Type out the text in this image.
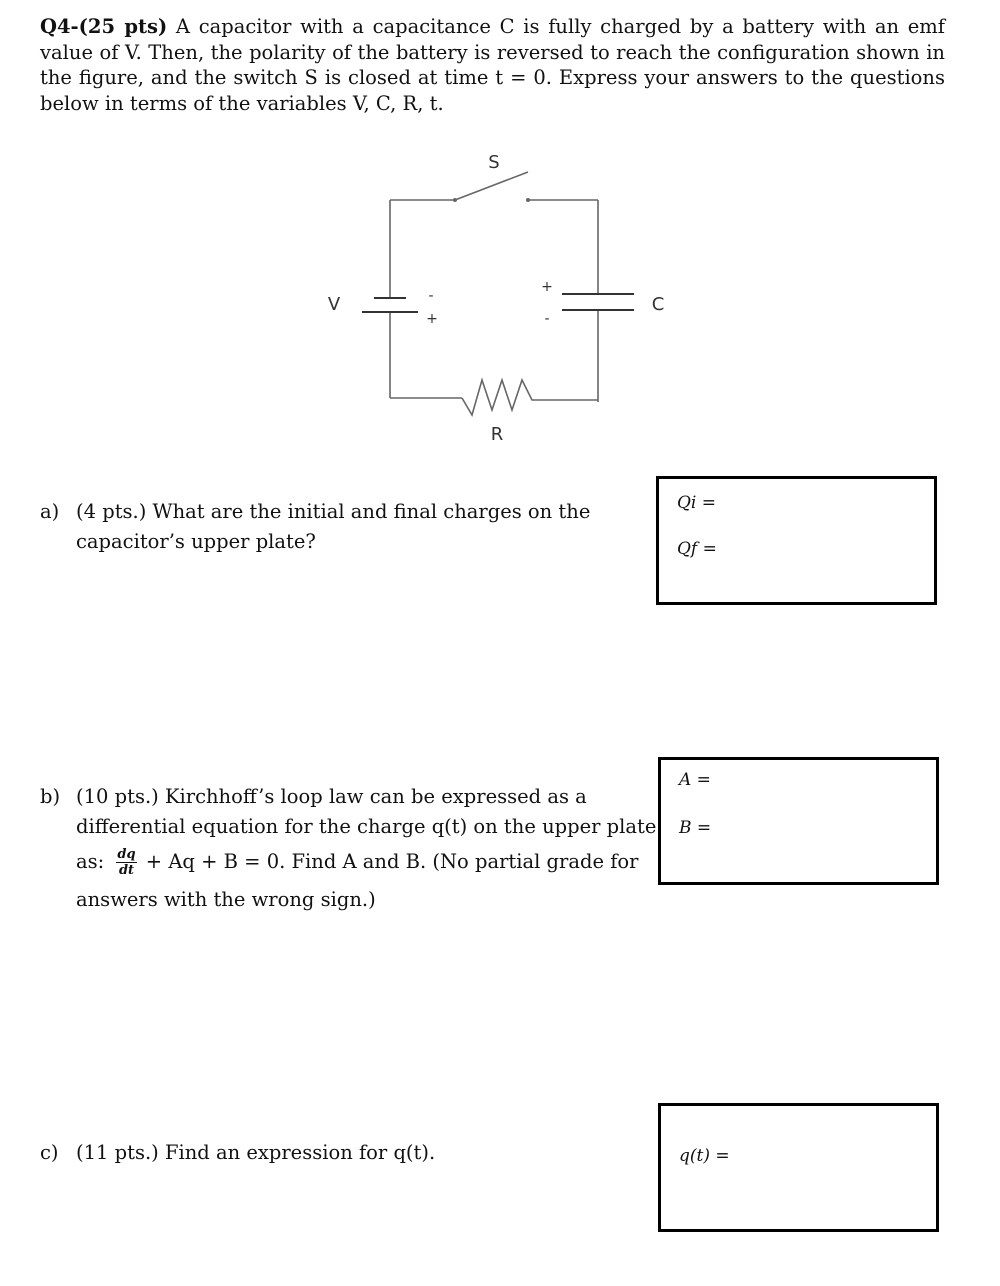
Q4-(25 pts) A capacitor with a capacitance C is fully charged by a battery with an emf value of V. Then, the polarity of the battery is reversed to reach the configuration shown in the figure, and the switch S is closed at time t = 0. Express your answers to the questions below in terms of the variables V, C, R, t.
S
V	C
R
+
-
+
-
a) (4 pts.) What are the initial and final charges on the
capacitor’s upper plate?
Qi =
Qf =
b) (10 pts.) Kirchhoff’s loop law can be expressed as a
differential equation for the charge q(t) on the upper plate
as: $\frac{dq}{dt} + Aq + B = 0$. Find A and B. (No partial grade for
answers with the wrong sign.)
A =
B =
c) (11 pts.) Find an expression for q(t).	q(t) =
